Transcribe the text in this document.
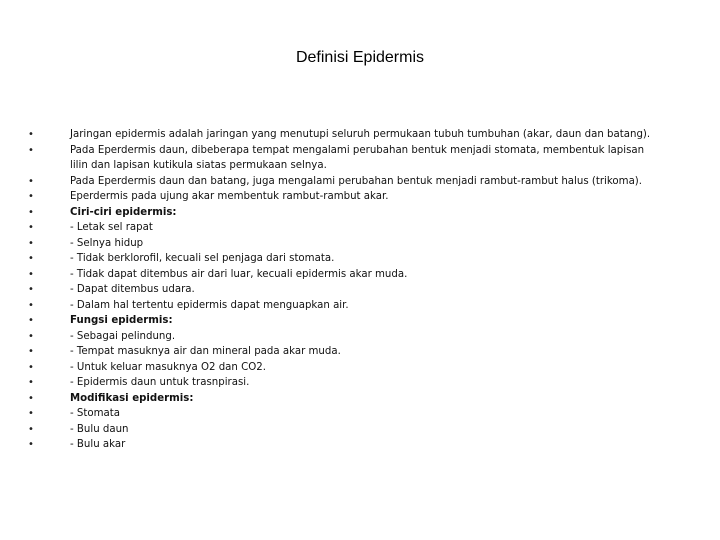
Definisi Epidermis
•	Jaringan epidermis adalah jaringan yang menutupi seluruh permukaan tubuh tumbuhan (akar, daun dan batang).
•	Pada Eperdermis daun, dibeberapa tempat mengalami perubahan bentuk menjadi stomata, membentuk lapisan
lilin dan lapisan kutikula siatas permukaan selnya.
•	Pada Eperdermis daun dan batang, juga mengalami perubahan bentuk menjadi rambut-rambut halus (trikoma).
•	Eperdermis pada ujung akar membentuk rambut-rambut akar.
•	Ciri-ciri epidermis:
•	- Letak sel rapat
•	- Selnya hidup
•	- Tidak berklorofil, kecuali sel penjaga dari stomata.
•	- Tidak dapat ditembus air dari luar, kecuali epidermis akar muda.
•	- Dapat ditembus udara.
•	- Dalam hal tertentu epidermis dapat menguapkan air.
•	Fungsi epidermis:
•	- Sebagai pelindung.
•	- Tempat masuknya air dan mineral pada akar muda.
•	- Untuk keluar masuknya O2 dan CO2.
•	- Epidermis daun untuk trasnpirasi.
•	Modifikasi epidermis:
•	- Stomata
•	- Bulu daun
•	- Bulu akar
